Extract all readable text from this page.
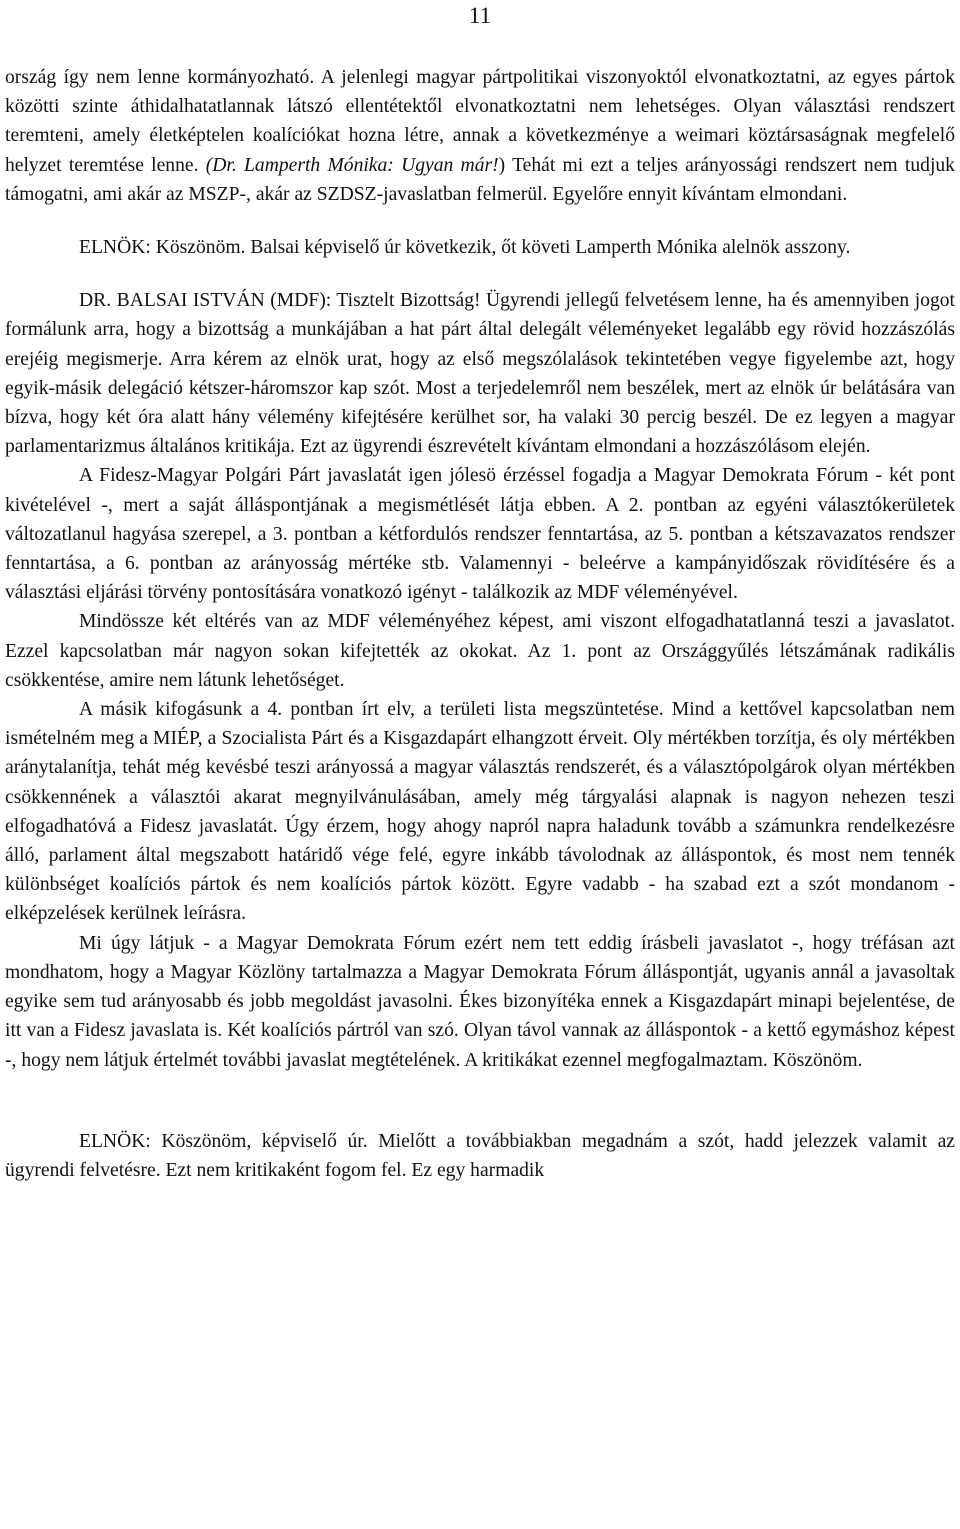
11

ország így nem lenne kormányozható. A jelenlegi magyar pártpolitikai viszonyoktól elvonatkoztatni, az egyes pártok közötti szinte áthidalhatatlannak látszó ellentétektől elvonatkoztatni nem lehetséges. Olyan választási rendszert teremteni, amely életképtelen koalíciókat hozna létre, annak a következménye a weimari köztársaságnak megfelelő helyzet teremtése lenne. (Dr. Lamperth Mónika: Ugyan már!) Tehát mi ezt a teljes arányossági rendszert nem tudjuk támogatni, ami akár az MSZP-, akár az SZDSZ-javaslatban felmerül. Egyelőre ennyit kívántam elmondani.

ELNÖK: Köszönöm. Balsai képviselő úr következik, őt követi Lamperth Mónika alelnök asszony.

DR. BALSAI ISTVÁN (MDF): Tisztelt Bizottság! Ügyrendi jellegű felvetésem lenne, ha és amennyiben jogot formálunk arra, hogy a bizottság a munkájában a hat párt által delegált véleményeket legalább egy rövid hozzászólás erejéig megismerje. Arra kérem az elnök urat, hogy az első megszólalások tekintetében vegye figyelembe azt, hogy egyik-másik delegáció kétszer-háromszor kap szót. Most a terjedelemről nem beszélek, mert az elnök úr belátására van bízva, hogy két óra alatt hány vélemény kifejtésére kerülhet sor, ha valaki 30 percig beszél. De ez legyen a magyar parlamentarizmus általános kritikája. Ezt az ügyrendi észrevételt kívántam elmondani a hozzászólásom elején.

A Fidesz-Magyar Polgári Párt javaslatát igen jólesö érzéssel fogadja a Magyar Demokrata Fórum - két pont kivételével -, mert a saját álláspontjának a megismétlését látja ebben. A 2. pontban az egyéni választókerületek változatlanul hagyása szerepel, a 3. pontban a kétfordulós rendszer fenntartása, az 5. pontban a kétszavazatos rendszer fenntartása, a 6. pontban az arányosság mértéke stb. Valamennyi - beleérve a kampányidőszak rövidítésére és a választási eljárási törvény pontosítására vonatkozó igényt - találkozik az MDF véleményével.

Mindössze két eltérés van az MDF véleményéhez képest, ami viszont elfogadhatatlanná teszi a javaslatot. Ezzel kapcsolatban már nagyon sokan kifejtették az okokat. Az 1. pont az Országgyűlés létszámának radikális csökkentése, amire nem látunk lehetőséget.

A másik kifogásunk a 4. pontban írt elv, a területi lista megszüntetése. Mind a kettővel kapcsolatban nem ismételném meg a MIÉP, a Szocialista Párt és a Kisgazdapárt elhangzott érveit. Oly mértékben torzítja, és oly mértékben aránytalanítja, tehát még kevésbé teszi arányossá a magyar választás rendszerét, és a választópolgárok olyan mértékben csökkennének a választói akarat megnyilvánulásában, amely még tárgyalási alapnak is nagyon nehezen teszi elfogadhatóvá a Fidesz javaslatát. Úgy érzem, hogy ahogy napról napra haladunk tovább a számunkra rendelkezésre álló, parlament által megszabott határidő vége felé, egyre inkább távolodnak az álláspontok, és most nem tennék különbséget koalíciós pártok és nem koalíciós pártok között. Egyre vadabb - ha szabad ezt a szót mondanom - elképzelések kerülnek leírásra.

Mi úgy látjuk - a Magyar Demokrata Fórum ezért nem tett eddig írásbeli javaslatot -, hogy tréfásan azt mondhatom, hogy a Magyar Közlöny tartalmazza a Magyar Demokrata Fórum álláspontját, ugyanis annál a javasoltak egyike sem tud arányosabb és jobb megoldást javasolni. Ékes bizonyítéka ennek a Kisgazdapárt minapi bejelentése, de itt van a Fidesz javaslata is. Két koalíciós pártról van szó. Olyan távol vannak az álláspontok - a kettő egymáshoz képest -, hogy nem látjuk értelmét további javaslat megtételének. A kritikákat ezennel megfogalmaztam. Köszönöm.

ELNÖK: Köszönöm, képviselő úr. Mielőtt a továbbiakban megadnám a szót, hadd jelezzek valamit az ügyrendi felvetésre. Ezt nem kritikaként fogom fel. Ez egy harmadik
